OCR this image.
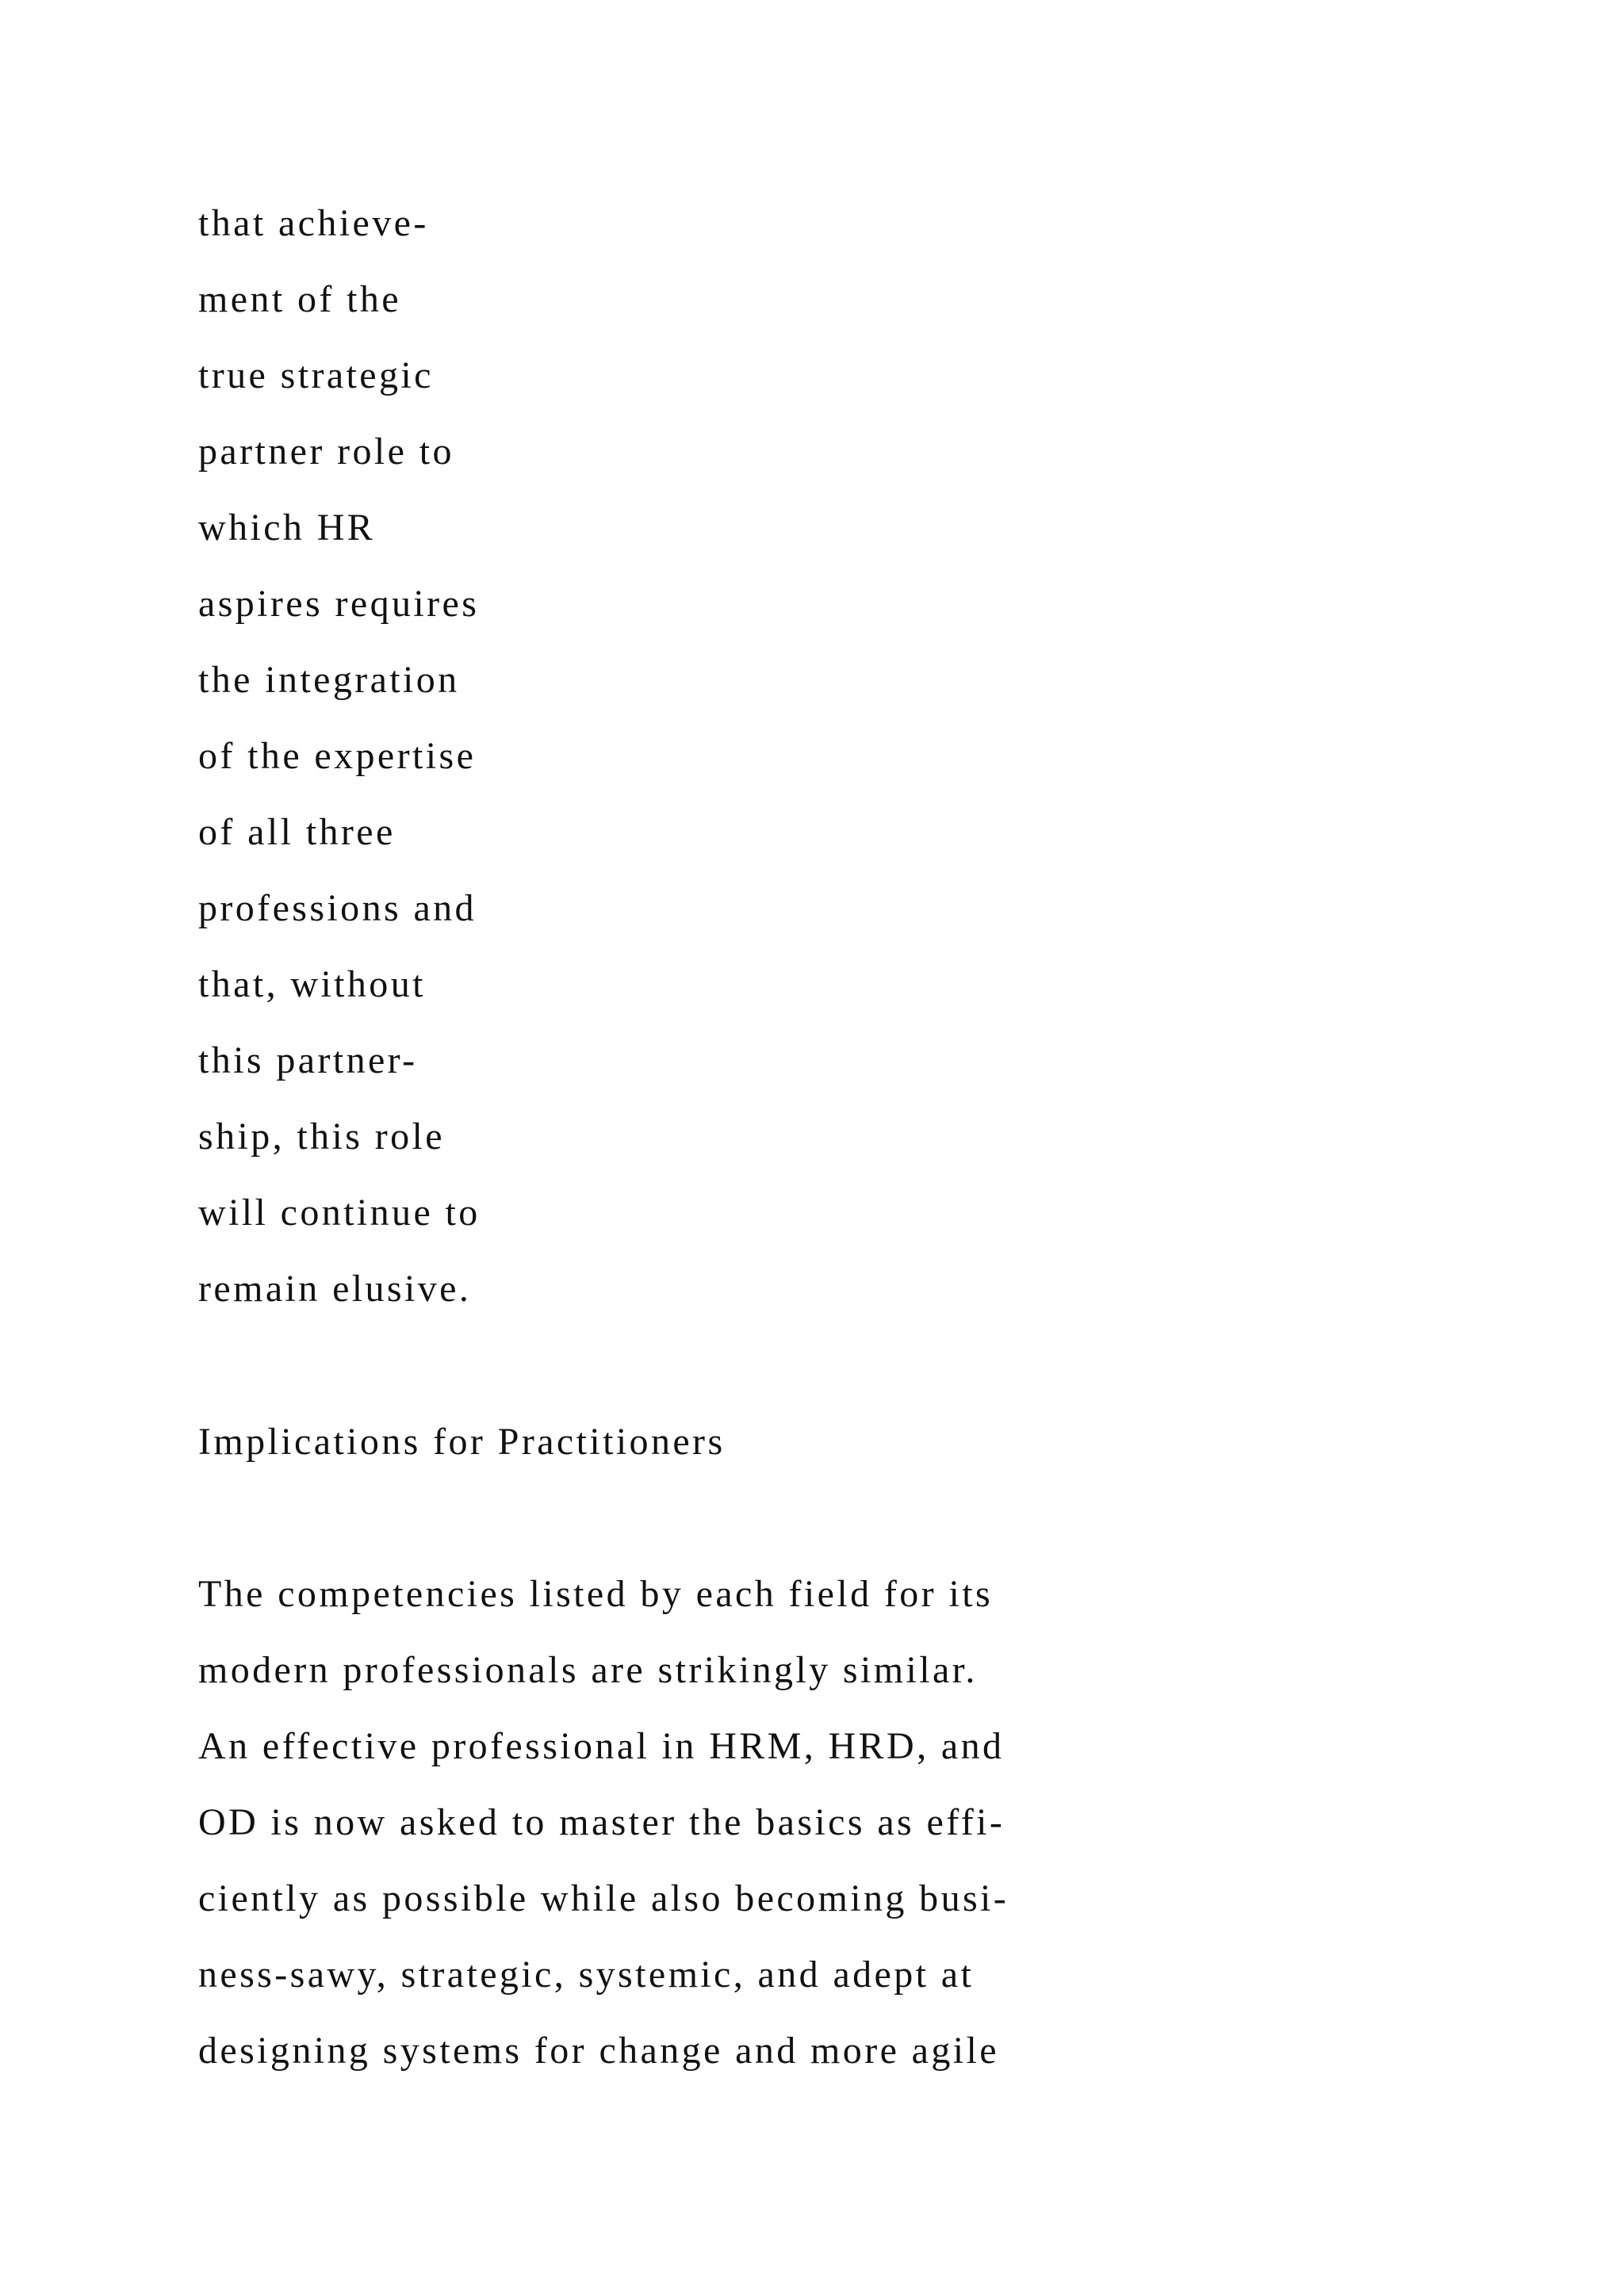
that achieve-

ment of the

true strategic

partner role to

which HR

aspires requires

the integration

of the expertise

of all three

professions and

that, without

this partner-

ship, this role

will continue to

remain elusive.

Implications for Practitioners

The competencies listed by each field for its

modern professionals are strikingly similar.

An effective professional in HRM, HRD, and

OD is now asked to master the basics as effi-

ciently as possible while also becoming busi-

ness-sawy, strategic, systemic, and adept at

designing systems for change and more agile
